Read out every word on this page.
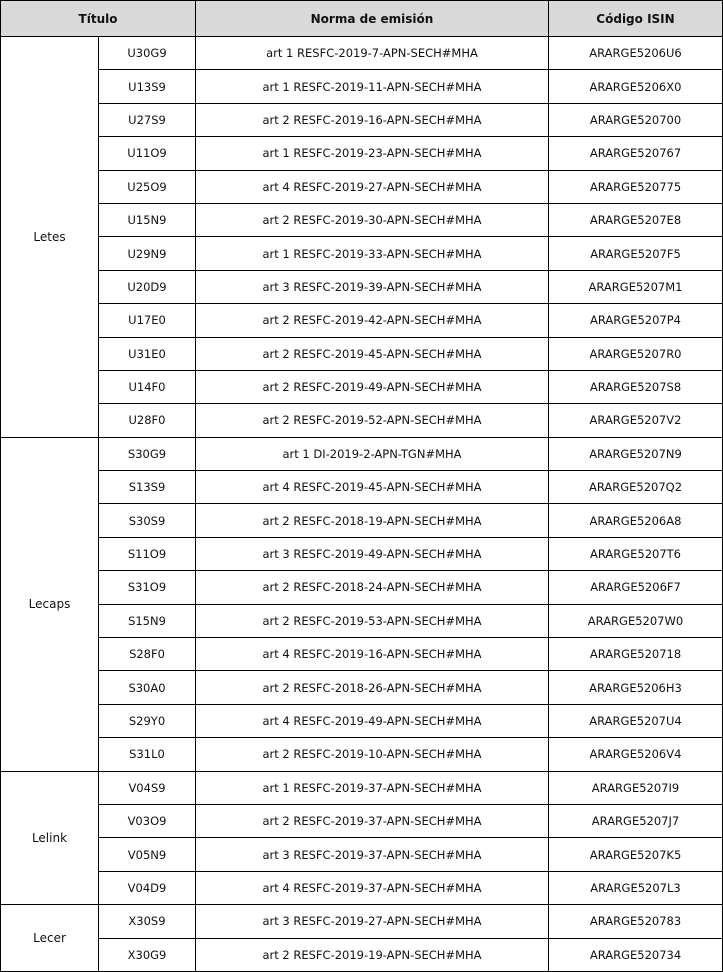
Título		Norma de emisión	Código ISIN
Letes	U30G9	art 1 RESFC-2019-7-APN-SECH#MHA	ARARGE5206U6
	U13S9	art 1 RESFC-2019-11-APN-SECH#MHA	ARARGE5206X0
	U27S9	art 2 RESFC-2019-16-APN-SECH#MHA	ARARGE520700
	U11O9	art 1 RESFC-2019-23-APN-SECH#MHA	ARARGE520767
	U25O9	art 4 RESFC-2019-27-APN-SECH#MHA	ARARGE520775
	U15N9	art 2 RESFC-2019-30-APN-SECH#MHA	ARARGE5207E8
	U29N9	art 1 RESFC-2019-33-APN-SECH#MHA	ARARGE5207F5
	U20D9	art 3 RESFC-2019-39-APN-SECH#MHA	ARARGE5207M1
	U17E0	art 2 RESFC-2019-42-APN-SECH#MHA	ARARGE5207P4
	U31E0	art 2 RESFC-2019-45-APN-SECH#MHA	ARARGE5207R0
	U14F0	art 2 RESFC-2019-49-APN-SECH#MHA	ARARGE5207S8
	U28F0	art 2 RESFC-2019-52-APN-SECH#MHA	ARARGE5207V2
Lecaps	S30G9	art 1 DI-2019-2-APN-TGN#MHA	ARARGE5207N9
	S13S9	art 4 RESFC-2019-45-APN-SECH#MHA	ARARGE5207Q2
	S30S9	art 2 RESFC-2018-19-APN-SECH#MHA	ARARGE5206A8
	S11O9	art 3 RESFC-2019-49-APN-SECH#MHA	ARARGE5207T6
	S31O9	art 2 RESFC-2018-24-APN-SECH#MHA	ARARGE5206F7
	S15N9	art 2 RESFC-2019-53-APN-SECH#MHA	ARARGE5207W0
	S28F0	art 4 RESFC-2019-16-APN-SECH#MHA	ARARGE520718
	S30A0	art 2 RESFC-2018-26-APN-SECH#MHA	ARARGE5206H3
	S29Y0	art 4 RESFC-2019-49-APN-SECH#MHA	ARARGE5207U4
	S31L0	art 2 RESFC-2019-10-APN-SECH#MHA	ARARGE5206V4
Lelink	V04S9	art 1 RESFC-2019-37-APN-SECH#MHA	ARARGE5207I9
	V03O9	art 2 RESFC-2019-37-APN-SECH#MHA	ARARGE5207J7
	V05N9	art 3 RESFC-2019-37-APN-SECH#MHA	ARARGE5207K5
	V04D9	art 4 RESFC-2019-37-APN-SECH#MHA	ARARGE5207L3
Lecer	X30S9	art 3 RESFC-2019-27-APN-SECH#MHA	ARARGE520783
	X30G9	art 2 RESFC-2019-19-APN-SECH#MHA	ARARGE520734
